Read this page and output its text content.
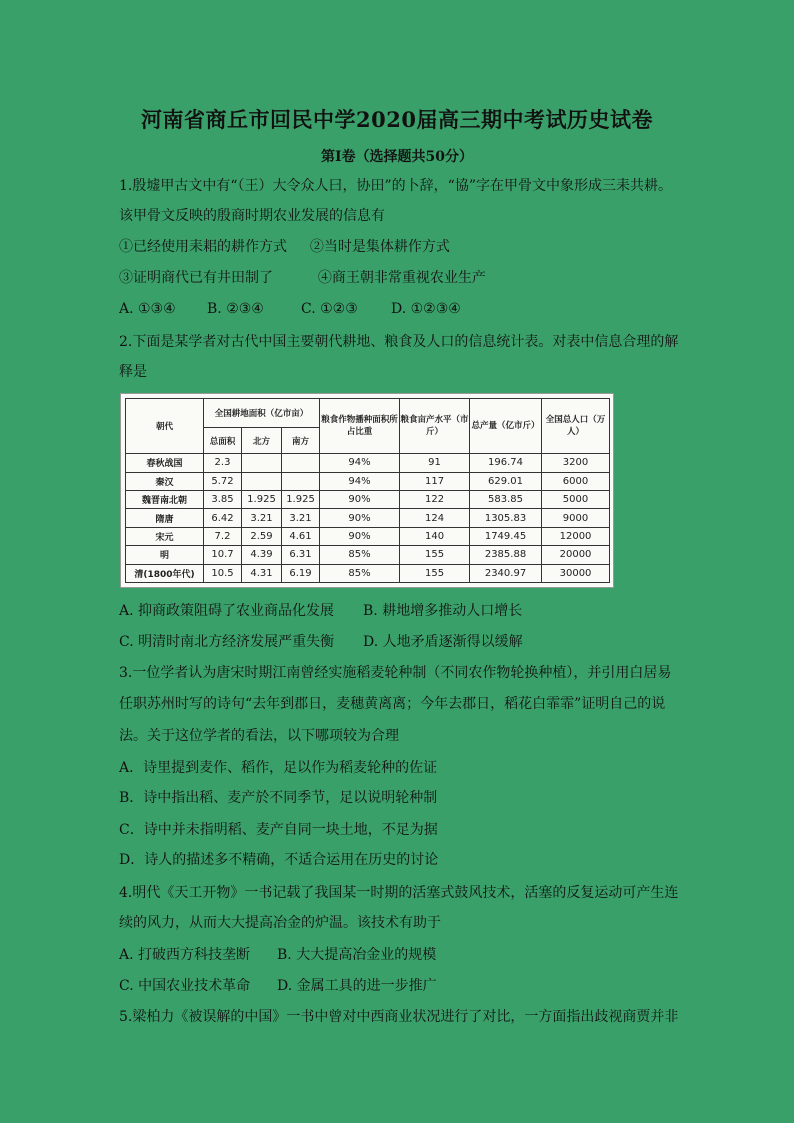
河南省商丘市回民中学2020届高三期中考试历史试卷
第Ⅰ卷（选择题共50分）
1.殷墟甲古文中有“（王）大令众人曰，协田”的卜辞，“協”字在甲骨文中象形成三耒共耕。
该甲骨文反映的殷商时期农业发展的信息有
①已经使用耒耜的耕作方式 ②当时是集体耕作方式
③证明商代已有井田制了	④商王朝非常重视农业生产
A. ①③④ B. ②③④	C. ①②③ D. ①②③④
2.下面是某学者对古代中国主要朝代耕地、粮食及人口的信息统计表。对表中信息合理的解
释是
朝代	全国耕地面积（亿市亩）			粮食作物播种面积所占比重	粮食亩产水平（市斤）	总产量（亿市斤）	全国总人口（万人）
	总面积	北方	南方				
春秋战国	2.3			94%	91	196.74	3200
秦汉	5.72			94%	117	629.01	6000
魏晋南北朝	3.85	1.925	1.925	90%	122	583.85	5000
隋唐	6.42	3.21	3.21	90%	124	1305.83	9000
宋元	7.2	2.59	4.61	90%	140	1749.45	12000
明	10.7	4.39	6.31	85%	155	2385.88	20000
清(1800年代)	10.5	4.31	6.19	85%	155	2340.97	30000
A. 抑商政策阻碍了农业商品化发展 B. 耕地增多推动人口增长
C. 明清时南北方经济发展严重失衡 D. 人地矛盾逐渐得以缓解
3.一位学者认为唐宋时期江南曾经实施稻麦轮种制（不同农作物轮换种植），并引用白居易
任职苏州时写的诗句“去年到郡日，麦穗黄离离；今年去郡日，稻花白霏霏”证明自己的说
法。关于这位学者的看法，以下哪项较为合理
A．诗里提到麦作、稻作，足以作为稻麦轮种的佐证
B．诗中指出稻、麦产於不同季节，足以说明轮种制
C．诗中并未指明稻、麦产自同一块土地，不足为据
D．诗人的描述多不精确，不适合运用在历史的讨论
4.明代《天工开物》一书记载了我国某一时期的活塞式鼓风技术，活塞的反复运动可产生连
续的风力，从而大大提高冶金的炉温。该技术有助于
A. 打破西方科技垄断 B. 大大提高冶金业的规模
C. 中国农业技术革命 D. 金属工具的进一步推广
5.梁柏力《被误解的中国》一书中曾对中西商业状况进行了对比，一方面指出歧视商贾并非
